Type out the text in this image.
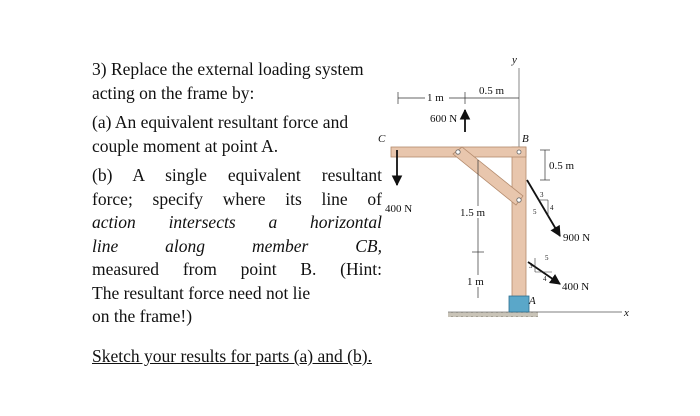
3) Replace the external loading system acting on the frame by:

(a) An equivalent resultant force and couple moment at point A.

(b) A single equivalent resultant

force; specify where its line of

action intersects a horizontal

line along member CB,

measured from point B. (Hint:

The resultant force need not lie

on the frame!)

Sketch your results for parts (a) and (b).
C	B
A
y
x
1 m
0.5 m
600 N
400 N	1.5 m
1 m
0.5 m
900 N
3
4
5
400 N
3
4
5
